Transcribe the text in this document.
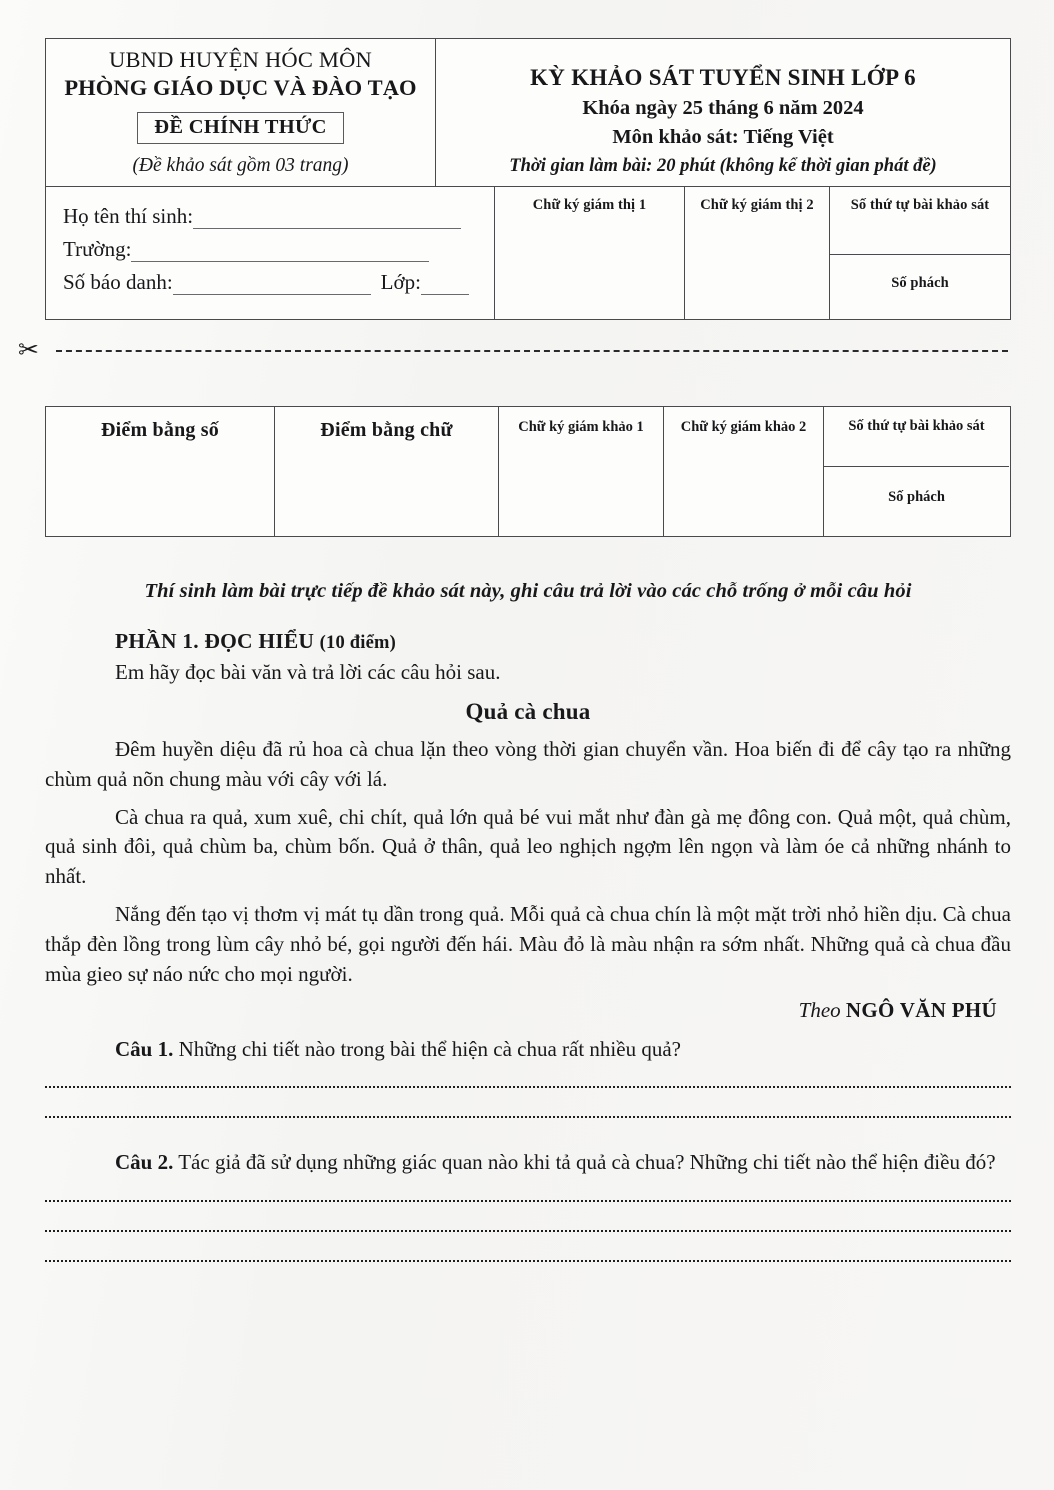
UBND HUYỆN HÓC MÔN
PHÒNG GIÁO DỤC VÀ ĐÀO TẠO
ĐỀ CHÍNH THỨC
(Đề khảo sát gồm 03 trang)
KỲ KHẢO SÁT TUYỂN SINH LỚP 6
Khóa ngày 25 tháng 6 năm 2024
Môn khảo sát: Tiếng Việt
Thời gian làm bài: 20 phút (không kể thời gian phát đề)
Họ tên thí sinh:
Trường:
Số báo danh:	Lớp:
Chữ ký giám thị 1	Chữ ký giám thị 2	Số thứ tự bài khảo sát
Số phách
✂
Điểm bằng số	Điểm bằng chữ	Chữ ký giám khảo 1	Chữ ký giám khảo 2	Số thứ tự bài khảo sát
Số phách

Thí sinh làm bài trực tiếp đề khảo sát này, ghi câu trả lời vào các chỗ trống ở mỗi câu hỏi

PHẦN 1. ĐỌC HIỂU (10 điểm)

Em hãy đọc bài văn và trả lời các câu hỏi sau.

Quả cà chua

Đêm huyền diệu đã rủ hoa cà chua lặn theo vòng thời gian chuyển vần. Hoa biến đi để cây tạo ra những chùm quả nõn chung màu với cây với lá.

Cà chua ra quả, xum xuê, chi chít, quả lớn quả bé vui mắt như đàn gà mẹ đông con. Quả một, quả chùm, quả sinh đôi, quả chùm ba, chùm bốn. Quả ở thân, quả leo nghịch ngợm lên ngọn và làm óe cả những nhánh to nhất.

Nắng đến tạo vị thơm vị mát tụ dần trong quả. Mỗi quả cà chua chín là một mặt trời nhỏ hiền dịu. Cà chua thắp đèn lồng trong lùm cây nhỏ bé, gọi người đến hái. Màu đỏ là màu nhận ra sớm nhất. Những quả cà chua đầu mùa gieo sự náo nức cho mọi người.

Theo NGÔ VĂN PHÚ

Câu 1. Những chi tiết nào trong bài thể hiện cà chua rất nhiều quả?

Câu 2. Tác giả đã sử dụng những giác quan nào khi tả quả cà chua? Những chi tiết nào thể hiện điều đó?
